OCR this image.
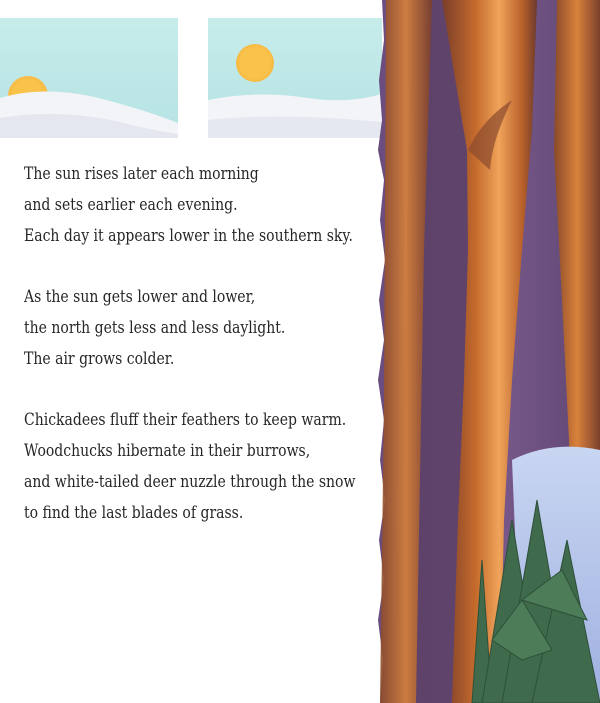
The sun rises later each morning
and sets earlier each evening.
Each day it appears lower in the southern sky.
As the sun gets lower and lower,
the north gets less and less daylight.
The air grows colder.
Chickadees fluff their feathers to keep warm.
Woodchucks hibernate in their burrows,
and white-tailed deer nuzzle through the snow
to find the last blades of grass.
